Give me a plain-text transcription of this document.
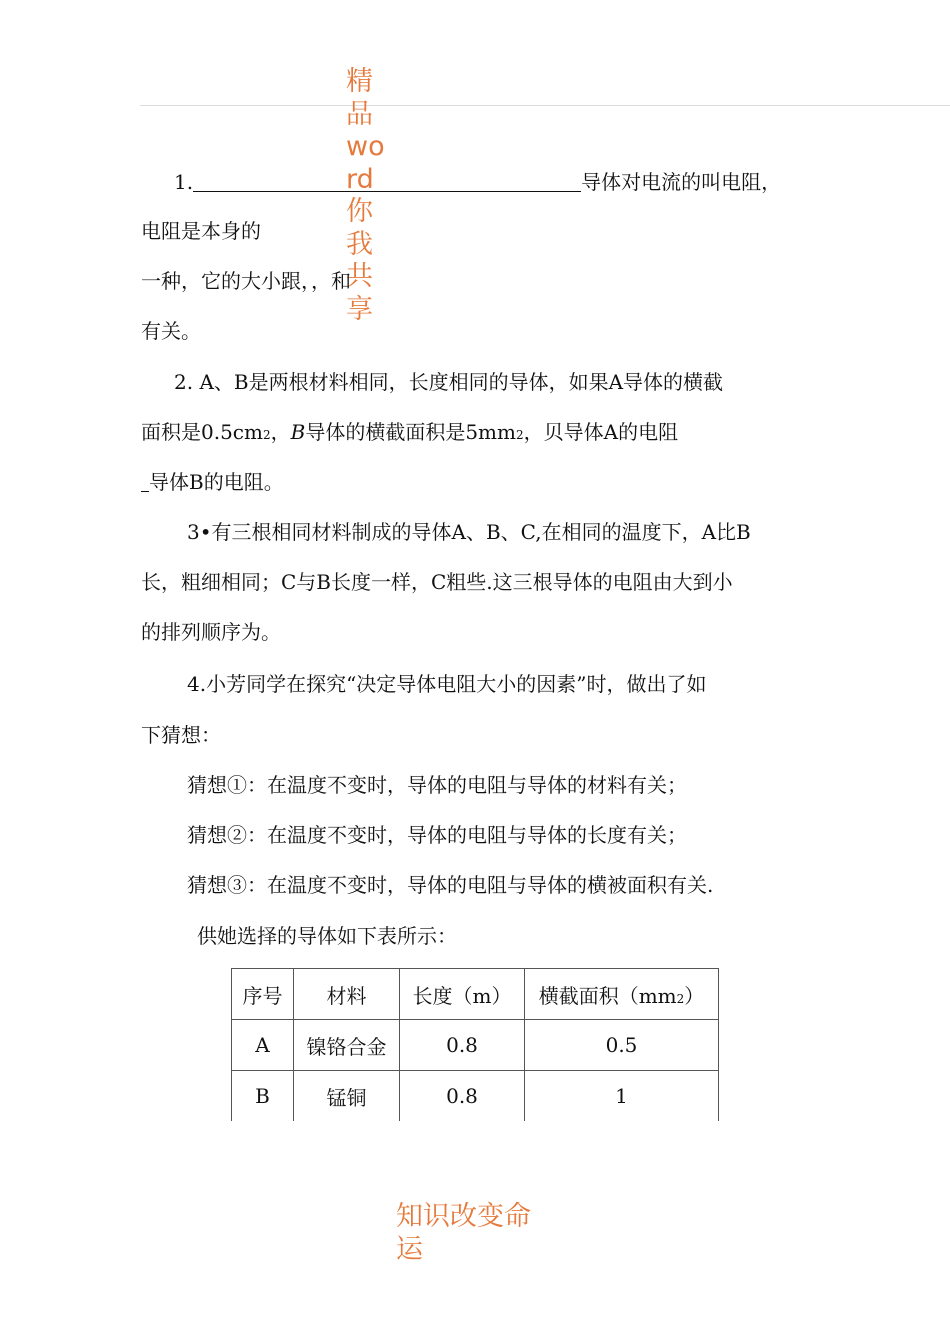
精品word你我共享
1.	导体对电流的叫电阻，
电阻是本身的
一种，它的大小跟，，和
有关。
2. A、B是两根材料相同，长度相同的导体，如果A导体的横截
面积是0.5cm2，B导体的横截面积是5mm2，贝导体A的电阻
导体B的电阻。
3•有三根相同材料制成的导体A、B、C,在相同的温度下，A比B
长，粗细相同；C与B长度一样，C粗些.这三根导体的电阻由大到小
的排列顺序为。
4.小芳同学在探究“决定导体电阻大小的因素”时，做出了如
下猜想：
猜想①：在温度不变时，导体的电阻与导体的材料有关；
猜想②：在温度不变时，导体的电阻与导体的长度有关；
猜想③：在温度不变时，导体的电阻与导体的横被面积有关.
供她选择的导体如下表所示：
序号	材料	长度（m）	横截面积（mm2）
A	镍铬合金	0.8	0.5
B	锰铜	0.8	1
知识改变命运
